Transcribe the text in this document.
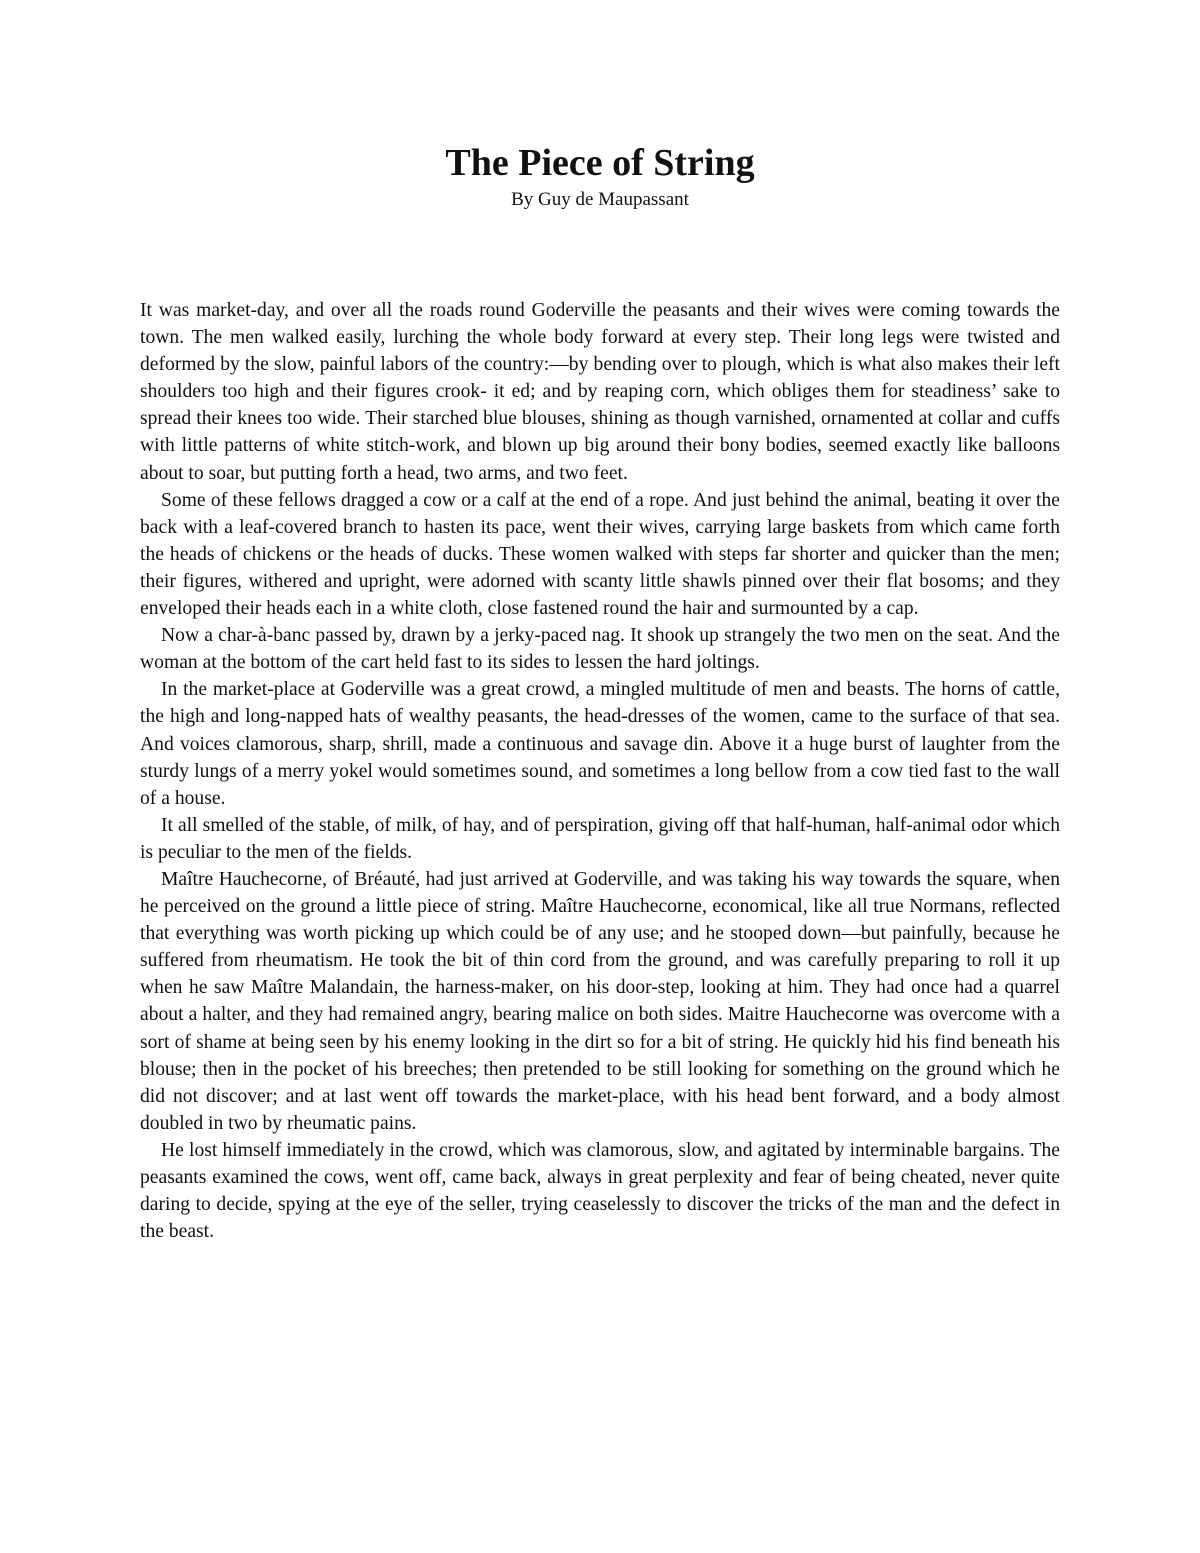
The Piece of String
By Guy de Maupassant

It was market-day, and over all the roads round Goderville the peasants and their wives were coming towards the town. The men walked easily, lurching the whole body forward at every step. Their long legs were twisted and deformed by the slow, painful labors of the country:—by bending over to plough, which is what also makes their left shoulders too high and their figures crook- it ed; and by reaping corn, which obliges them for steadiness’ sake to spread their knees too wide. Their starched blue blouses, shining as though varnished, ornamented at collar and cuffs with little patterns of white stitch-work, and blown up big around their bony bodies, seemed exactly like balloons about to soar, but putting forth a head, two arms, and two feet.

Some of these fellows dragged a cow or a calf at the end of a rope. And just behind the animal, beating it over the back with a leaf-covered branch to hasten its pace, went their wives, carrying large baskets from which came forth the heads of chickens or the heads of ducks. These women walked with steps far shorter and quicker than the men; their figures, withered and upright, were adorned with scanty little shawls pinned over their flat bosoms; and they enveloped their heads each in a white cloth, close fastened round the hair and surmounted by a cap.

Now a char-à-banc passed by, drawn by a jerky-paced nag. It shook up strangely the two men on the seat. And the woman at the bottom of the cart held fast to its sides to lessen the hard joltings.

In the market-place at Goderville was a great crowd, a mingled multitude of men and beasts. The horns of cattle, the high and long-napped hats of wealthy peasants, the head-dresses of the women, came to the surface of that sea. And voices clamorous, sharp, shrill, made a continuous and savage din. Above it a huge burst of laughter from the sturdy lungs of a merry yokel would sometimes sound, and sometimes a long bellow from a cow tied fast to the wall of a house.

It all smelled of the stable, of milk, of hay, and of perspiration, giving off that half-human, half-animal odor which is peculiar to the men of the fields.

Maître Hauchecorne, of Bréauté, had just arrived at Goderville, and was taking his way towards the square, when he perceived on the ground a little piece of string. Maître Hauchecorne, economical, like all true Normans, reflected that everything was worth picking up which could be of any use; and he stooped down—but painfully, because he suffered from rheumatism. He took the bit of thin cord from the ground, and was carefully preparing to roll it up when he saw Maître Malandain, the harness-maker, on his door-step, looking at him. They had once had a quarrel about a halter, and they had remained angry, bearing malice on both sides. Maitre Hauchecorne was overcome with a sort of shame at being seen by his enemy looking in the dirt so for a bit of string. He quickly hid his find beneath his blouse; then in the pocket of his breeches; then pretended to be still looking for something on the ground which he did not discover; and at last went off towards the market-place, with his head bent forward, and a body almost doubled in two by rheumatic pains.

He lost himself immediately in the crowd, which was clamorous, slow, and agitated by interminable bargains. The peasants examined the cows, went off, came back, always in great perplexity and fear of being cheated, never quite daring to decide, spying at the eye of the seller, trying ceaselessly to discover the tricks of the man and the defect in the beast.
